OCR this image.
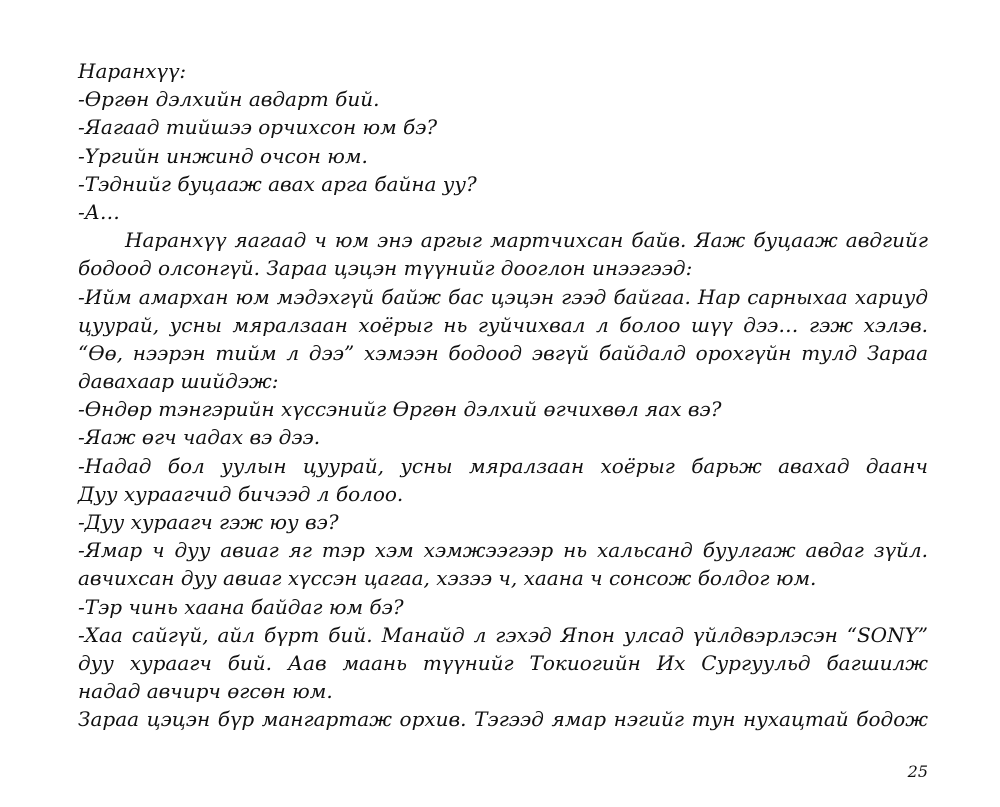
Наранхүү:
-Өргөн дэлхийн авдарт бий.
-Яагаад тийшээ орчихсон юм бэ?
-Үргийн инжинд очсон юм.
-Тэднийг буцааж авах арга байна уу?
-А…
Наранхүү яагаад ч юм энэ аргыг мартчихсан байв. Яаж буцааж авдгийг
бодоод олсонгүй. Зараа цэцэн түүнийг дооглон инээгээд:
-Ийм амархан юм мэдэхгүй байж бас цэцэн гээд байгаа. Нар сарныхаа хариуд
цуурай, усны мяралзаан хоёрыг нь гуйчихвал л болоо шүү дээ… гэж хэлэв.
“Өө, нээрэн тийм л дээ” хэмээн бодоод эвгүй байдалд орохгүйн тулд Зараа
давахаар шийдэж:
-Өндөр тэнгэрийн хүссэнийг Өргөн дэлхий өгчихвөл яах вэ?
-Яаж өгч чадах вэ дээ.
-Надад бол уулын цуурай, усны мяралзаан хоёрыг барьж авахад даанч
Дуу хураагчид бичээд л болоо.
-Дуу хураагч гэж юу вэ?
-Ямар ч дуу авиаг яг тэр хэм хэмжээгээр нь хальсанд буулгаж авдаг зүйл.
авчихсан дуу авиаг хүссэн цагаа, хэзээ ч, хаана ч сонсож болдог юм.
-Тэр чинь хаана байдаг юм бэ?
-Хаа сайгүй, айл бүрт бий. Манайд л гэхэд Япон улсад үйлдвэрлэсэн “SONY”
дуу хураагч бий. Аав маань түүнийг Токиогийн Их Сургуульд багшилж
надад авчирч өгсөн юм.
Зараа цэцэн бүр мангартаж орхив. Тэгээд ямар нэгийг тун нухацтай бодож
25
